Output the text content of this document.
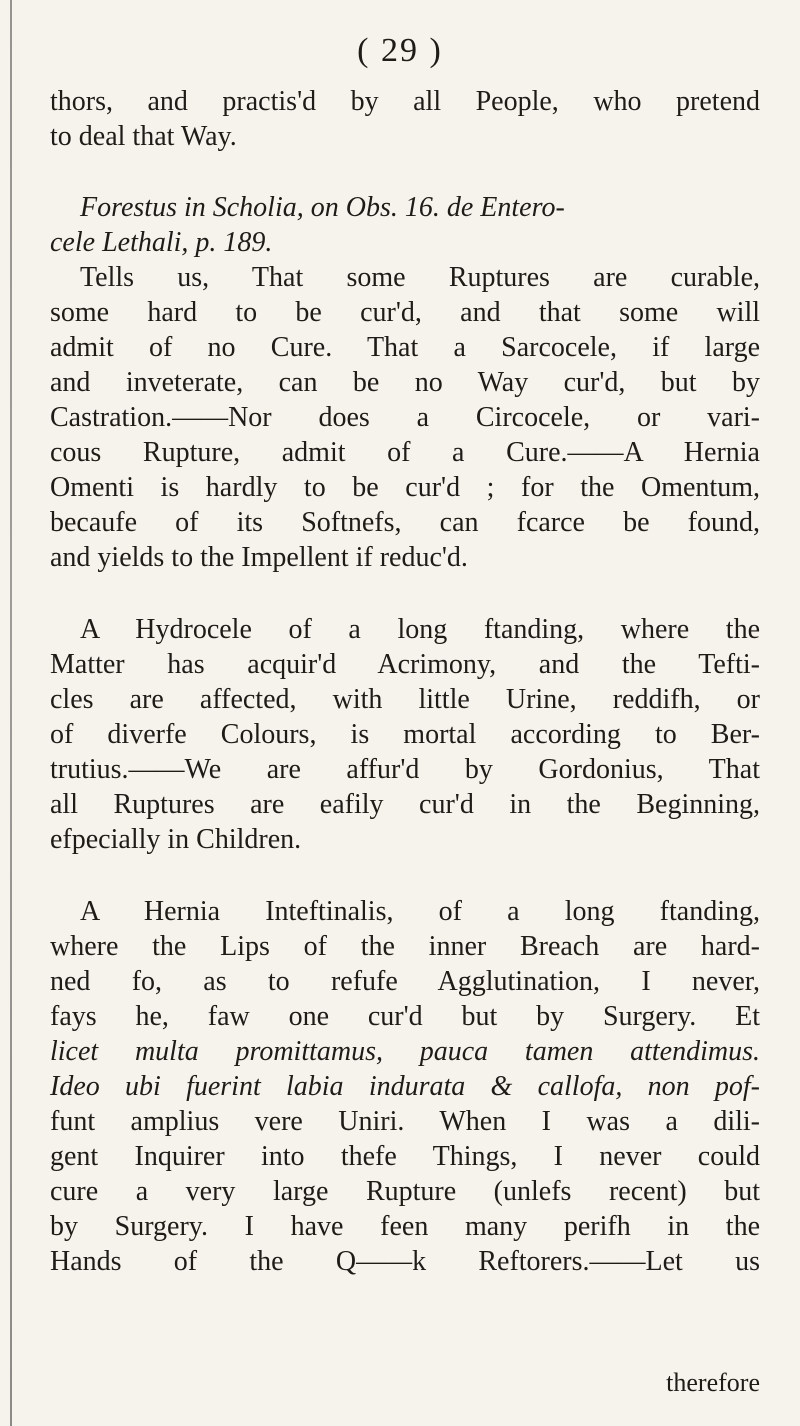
( 29 )
thors, and practis'd by all People, who pretend
to deal that Way.
Forestus in Scholia, on Obs. 16. de Entero-
cele Lethali, p. 189.
Tells us, That some Ruptures are curable,
some hard to be cur'd, and that some will
admit of no Cure. That a Sarcocele, if large
and inveterate, can be no Way cur'd, but by
Castration.——Nor does a Circocele, or vari-
cous Rupture, admit of a Cure.——A Hernia
Omenti is hardly to be cur'd ; for the Omentum,
becaufe of its Softnefs, can fcarce be found,
and yields to the Impellent if reduc'd.
A Hydrocele of a long ftanding, where the
Matter has acquir'd Acrimony, and the Tefti-
cles are affected, with little Urine, reddifh, or
of diverfe Colours, is mortal according to Ber-
trutius.——We are affur'd by Gordonius, That
all Ruptures are eafily cur'd in the Beginning,
efpecially in Children.
A Hernia Inteftinalis, of a long ftanding,
where the Lips of the inner Breach are hard-
ned fo, as to refufe Agglutination, I never,
fays he, faw one cur'd but by Surgery. Et
licet multa promittamus, pauca tamen attendimus.
Ideo ubi fuerint labia indurata & callofa, non pof-
funt amplius vere Uniri. When I was a dili-
gent Inquirer into thefe Things, I never could
cure a very large Rupture (unlefs recent) but
by Surgery. I have feen many perifh in the
Hands of the Q——k Reftorers.——Let us
therefore
